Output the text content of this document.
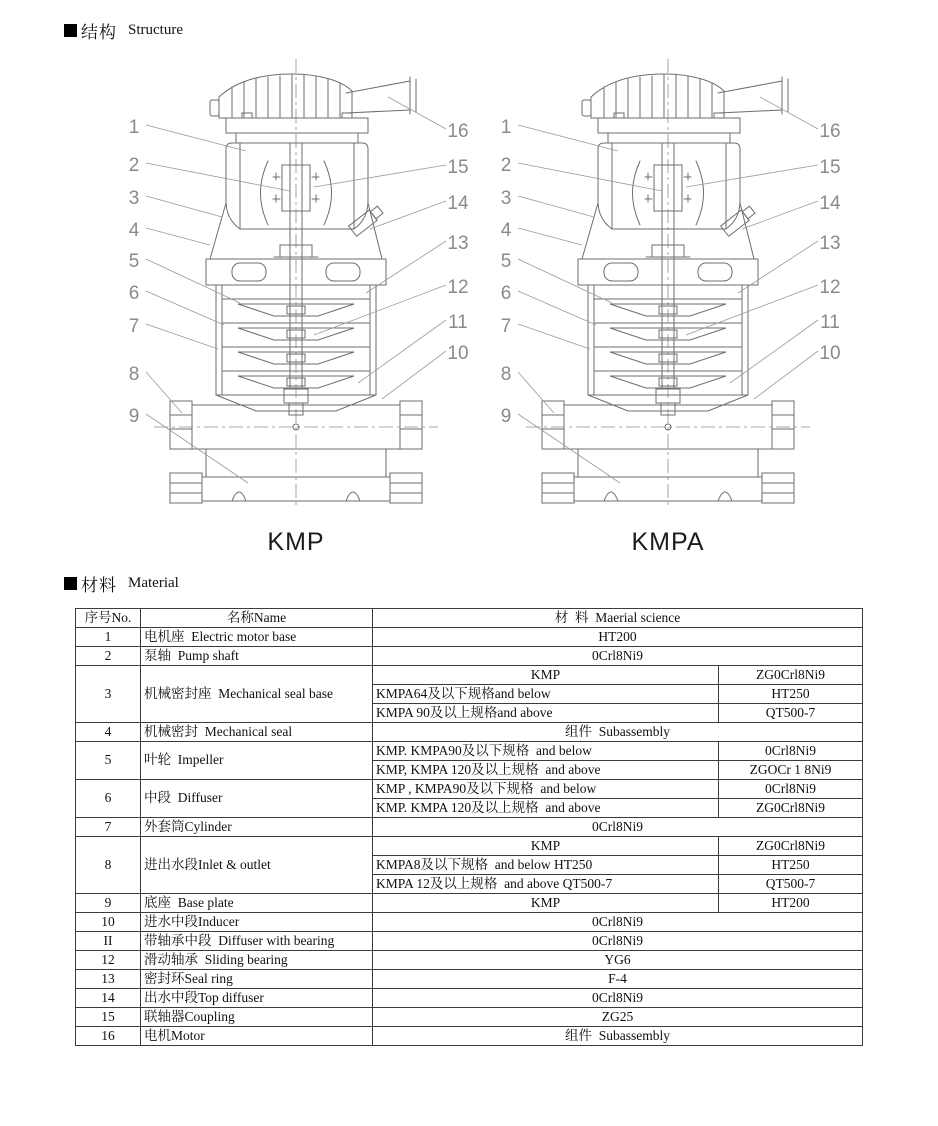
结构 Structure
KMP	KMPA
材料 Material
序号No.	名称Name	材  料  Maerial science	
1	电机座  Electric motor base	HT200	
2	泵轴  Pump shaft	0Crl8Ni9	
3	机械密封座  Mechanical seal base	KMP	ZG0Crl8Ni9
		KMPA64及以下规格and below	HT250
		KMPA 90及以上规格and above	QT500-7
4	机械密封  Mechanical seal	组件  Subassembly	
5	叶轮  Impeller	KMP. KMPA90及以下规格  and below	0Crl8Ni9
		KMP, KMPA 120及以上规格  and above	ZGOCr 1 8Ni9
6	中段  Diffuser	KMP , KMPA90及以下规格  and below	0Crl8Ni9
		KMP. KMPA 120及以上规格  and above	ZG0Crl8Ni9
7	外套筒Cylinder	0Crl8Ni9	
8	进出水段Inlet & outlet	KMP	ZG0Crl8Ni9
		KMPA8及以下规格  and below HT250	HT250
		KMPA 12及以上规格  and above QT500-7	QT500-7
9	底座  Base plate	KMP	HT200
10	进水中段Inducer	0Crl8Ni9	
II	带轴承中段  Diffuser with bearing	0Crl8Ni9	
12	滑动轴承  Sliding bearing	YG6	
13	密封环Seal ring	F-4	
14	出水中段Top diffuser	0Crl8Ni9	
15	联轴器Coupling	ZG25	
16	电机Motor	组件  Subassembly	
